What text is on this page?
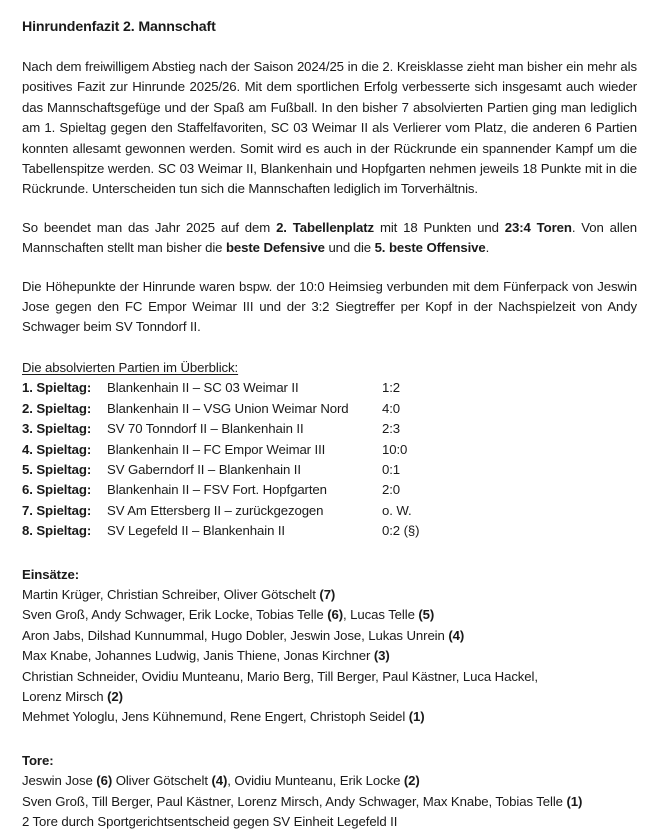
Hinrundenfazit 2. Mannschaft

Nach dem freiwilligem Abstieg nach der Saison 2024/25 in die 2. Kreisklasse zieht man bisher ein mehr als positives Fazit zur Hinrunde 2025/26. Mit dem sportlichen Erfolg verbesserte sich insgesamt auch wieder das Mannschaftsgefüge und der Spaß am Fußball. In den bisher 7 absolvierten Partien ging man lediglich am 1. Spieltag gegen den Staffelfavoriten, SC 03 Weimar II als Verlierer vom Platz, die anderen 6 Partien konnten allesamt gewonnen werden. Somit wird es auch in der Rückrunde ein spannender Kampf um die Tabellenspitze werden. SC 03 Weimar II, Blankenhain und Hopfgarten nehmen jeweils 18 Punkte mit in die Rückrunde. Unterscheiden tun sich die Mannschaften lediglich im Torverhältnis.

So beendet man das Jahr 2025 auf dem 2. Tabellenplatz mit 18 Punkten und 23:4 Toren. Von allen Mannschaften stellt man bisher die beste Defensive und die 5. beste Offensive.

Die Höhepunkte der Hinrunde waren bspw. der 10:0 Heimsieg verbunden mit dem Fünferpack von Jeswin Jose gegen den FC Empor Weimar III und der 3:2 Siegtreffer per Kopf in der Nachspielzeit von Andy Schwager beim SV Tonndorf II.

Die absolvierten Partien im Überblick:
1. Spieltag:	Blankenhain II – SC 03 Weimar II	1:2
2. Spieltag:	Blankenhain II – VSG Union Weimar Nord	4:0
3. Spieltag:	SV 70 Tonndorf II – Blankenhain II	2:3
4. Spieltag:	Blankenhain II – FC Empor Weimar III	10:0
5. Spieltag:	SV Gaberndorf II – Blankenhain II	0:1
6. Spieltag:	Blankenhain II – FSV Fort. Hopfgarten	2:0
7. Spieltag:	SV Am Ettersberg II – zurückgezogen	o. W.
8. Spieltag:	SV Legefeld II – Blankenhain II	0:2 (§)
Einsätze:
Martin Krüger, Christian Schreiber, Oliver Götschelt (7)
Sven Groß, Andy Schwager, Erik Locke, Tobias Telle (6), Lucas Telle (5)
Aron Jabs, Dilshad Kunnummal, Hugo Dobler, Jeswin Jose, Lukas Unrein (4)
Max Knabe, Johannes Ludwig, Janis Thiene, Jonas Kirchner (3)
Christian Schneider, Ovidiu Munteanu, Mario Berg, Till Berger, Paul Kästner, Luca Hackel,
Lorenz Mirsch (2)
Mehmet Yologlu, Jens Kühnemund, Rene Engert, Christoph Seidel (1)
Tore:
Jeswin Jose (6) Oliver Götschelt (4), Ovidiu Munteanu, Erik Locke (2)
Sven Groß, Till Berger, Paul Kästner, Lorenz Mirsch, Andy Schwager, Max Knabe, Tobias Telle (1)
2 Tore durch Sportgerichtsentscheid gegen SV Einheit Legefeld II
